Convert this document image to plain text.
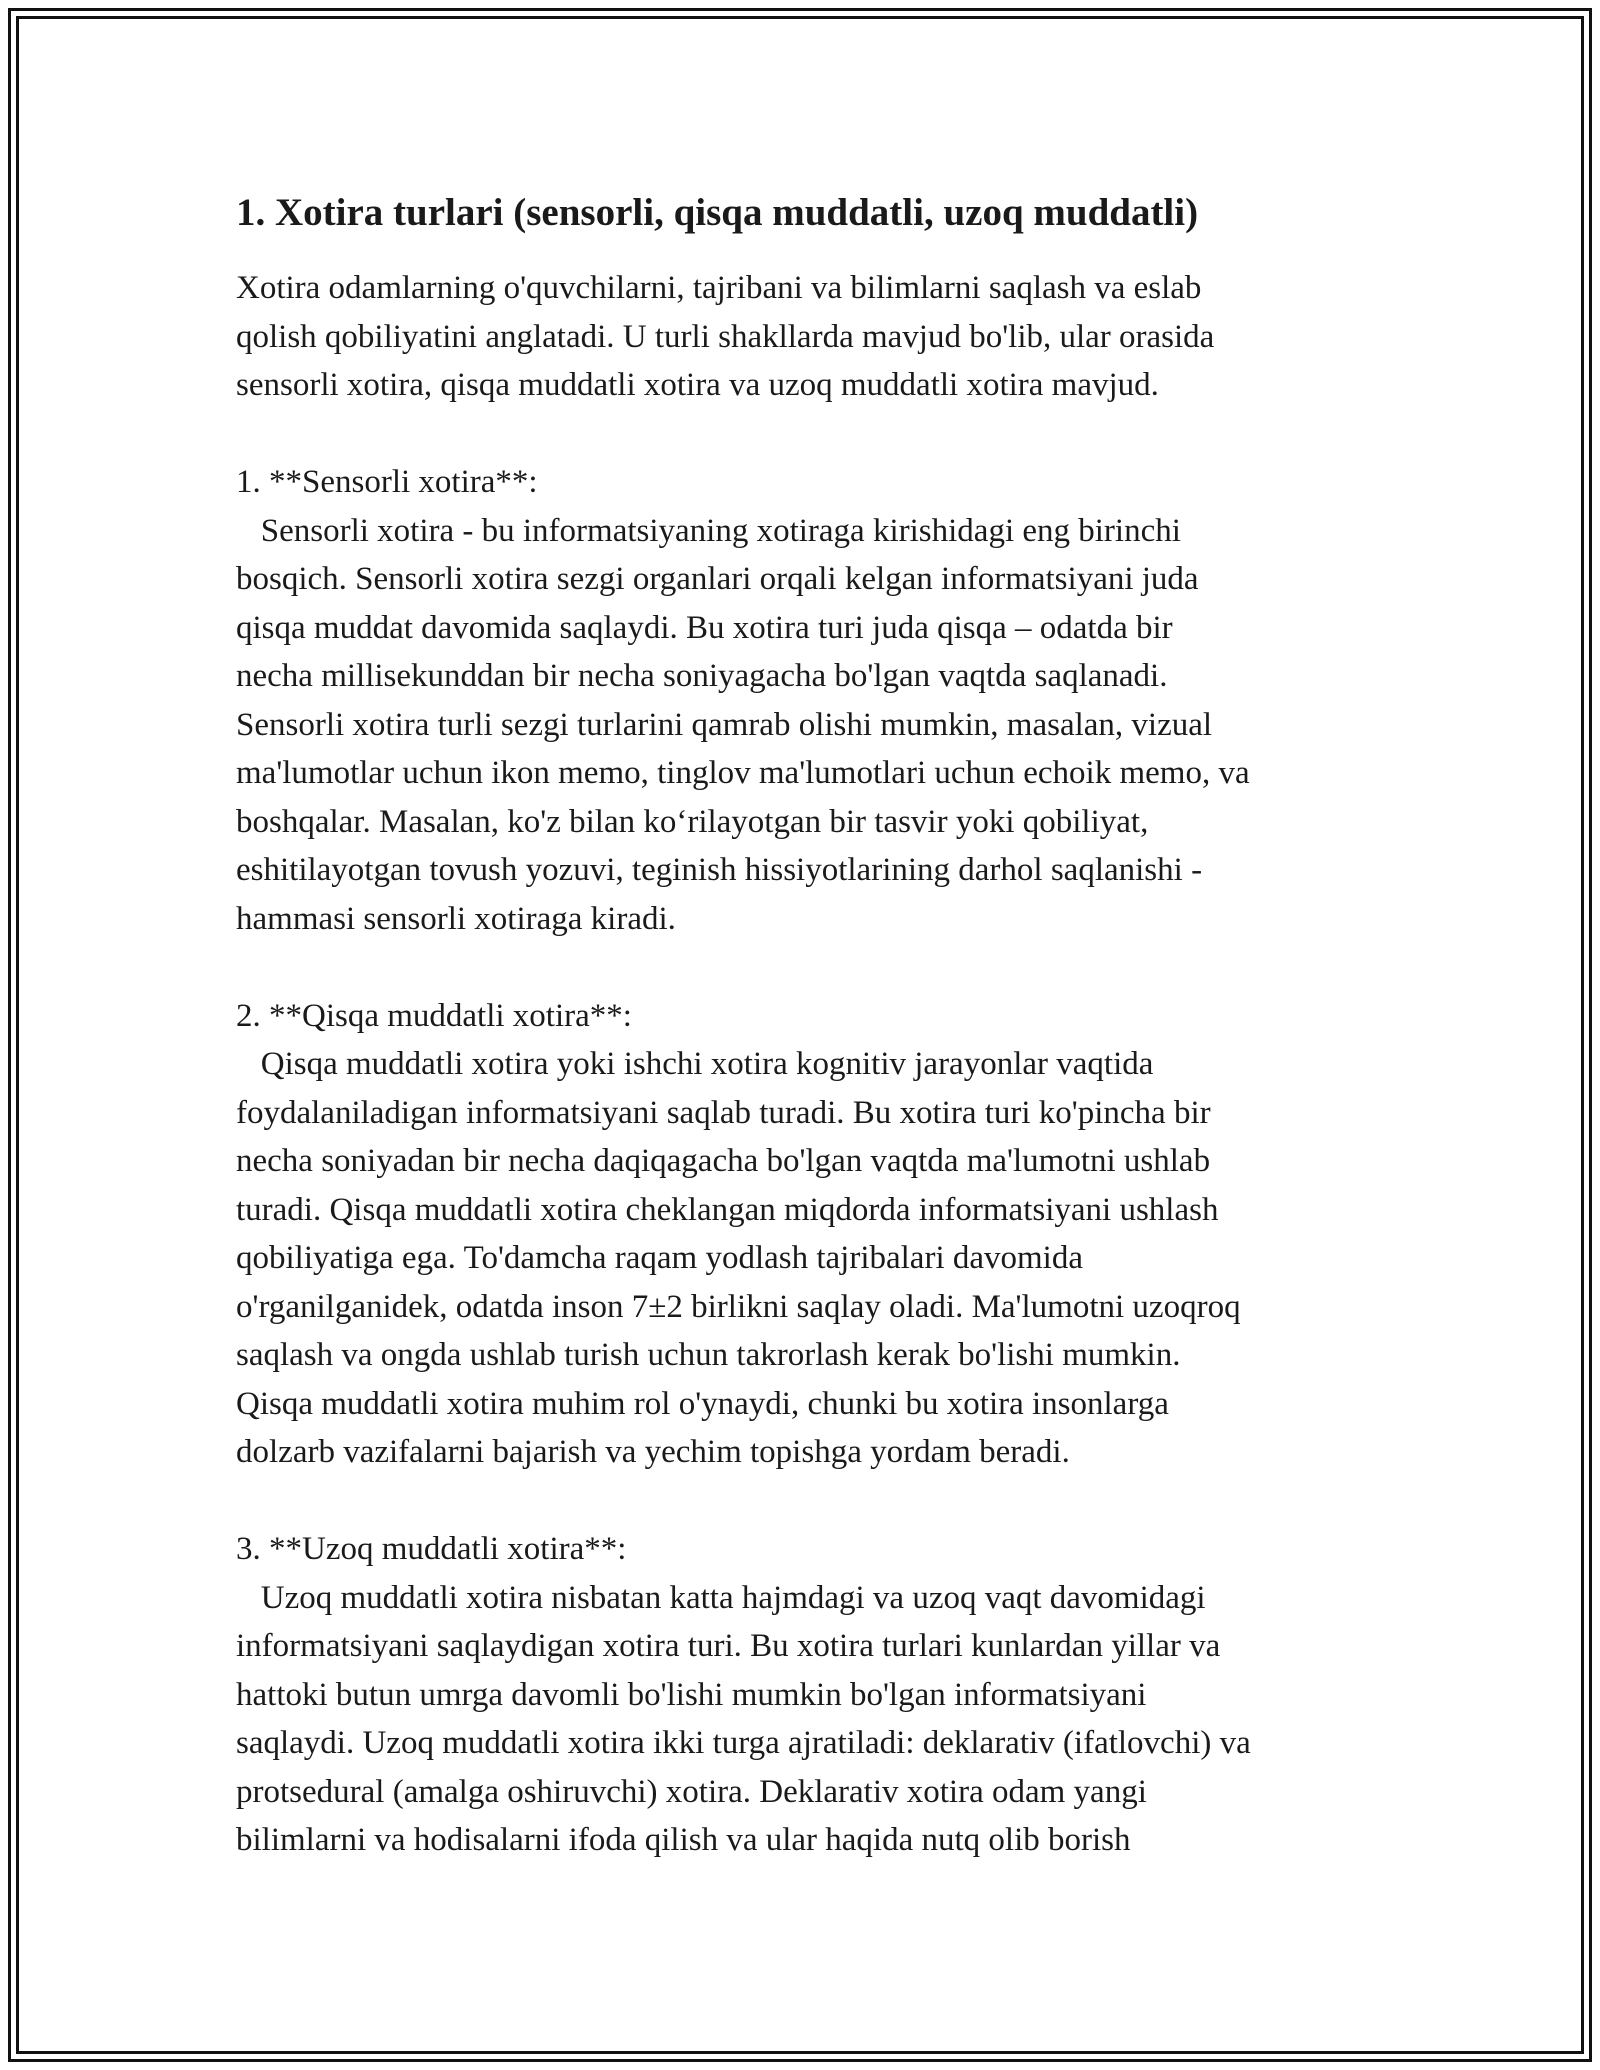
1. Xotira turlari (sensorli, qisqa muddatli, uzoq muddatli)

Xotira odamlarning o'quvchilarni, tajribani va bilimlarni saqlash va eslab

qolish qobiliyatini anglatadi. U turli shakllarda mavjud bo'lib, ular orasida

sensorli xotira, qisqa muddatli xotira va uzoq muddatli xotira mavjud.

1. **Sensorli xotira**:

Sensorli xotira - bu informatsiyaning xotiraga kirishidagi eng birinchi

bosqich. Sensorli xotira sezgi organlari orqali kelgan informatsiyani juda

qisqa muddat davomida saqlaydi. Bu xotira turi juda qisqa – odatda bir

necha millisekunddan bir necha soniyagacha bo'lgan vaqtda saqlanadi.

Sensorli xotira turli sezgi turlarini qamrab olishi mumkin, masalan, vizual

ma'lumotlar uchun ikon memo, tinglov ma'lumotlari uchun echoik memo, va

boshqalar. Masalan, ko'z bilan ko‘rilayotgan bir tasvir yoki qobiliyat,

eshitilayotgan tovush yozuvi, teginish hissiyotlarining darhol saqlanishi -

hammasi sensorli xotiraga kiradi.

2. **Qisqa muddatli xotira**:

Qisqa muddatli xotira yoki ishchi xotira kognitiv jarayonlar vaqtida

foydalaniladigan informatsiyani saqlab turadi. Bu xotira turi ko'pincha bir

necha soniyadan bir necha daqiqagacha bo'lgan vaqtda ma'lumotni ushlab

turadi. Qisqa muddatli xotira cheklangan miqdorda informatsiyani ushlash

qobiliyatiga ega. To'damcha raqam yodlash tajribalari davomida

o'rganilganidek, odatda inson 7±2 birlikni saqlay oladi. Ma'lumotni uzoqroq

saqlash va ongda ushlab turish uchun takrorlash kerak bo'lishi mumkin.

Qisqa muddatli xotira muhim rol o'ynaydi, chunki bu xotira insonlarga

dolzarb vazifalarni bajarish va yechim topishga yordam beradi.

3. **Uzoq muddatli xotira**:

Uzoq muddatli xotira nisbatan katta hajmdagi va uzoq vaqt davomidagi

informatsiyani saqlaydigan xotira turi. Bu xotira turlari kunlardan yillar va

hattoki butun umrga davomli bo'lishi mumkin bo'lgan informatsiyani

saqlaydi. Uzoq muddatli xotira ikki turga ajratiladi: deklarativ (ifatlovchi) va

protsedural (amalga oshiruvchi) xotira. Deklarativ xotira odam yangi

bilimlarni va hodisalarni ifoda qilish va ular haqida nutq olib borish
